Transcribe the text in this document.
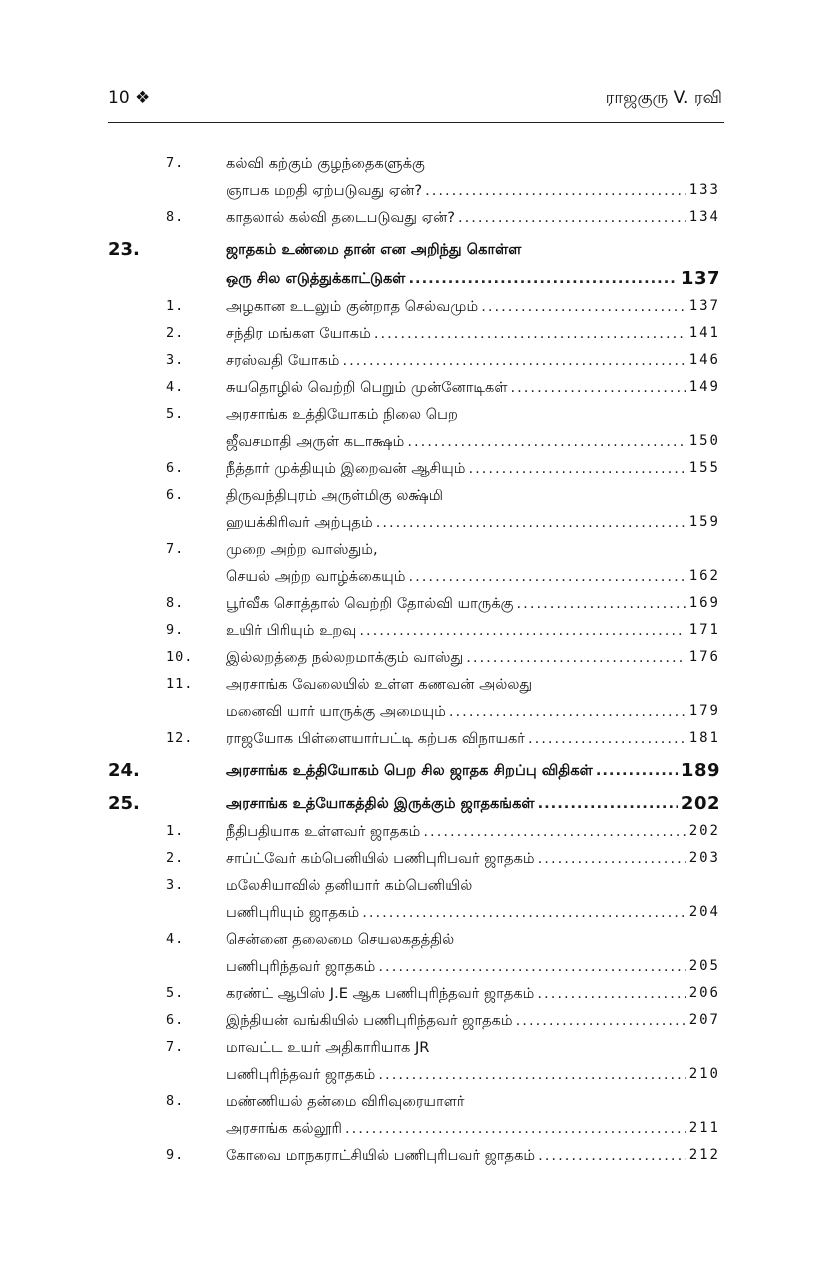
10 ❖	ராஜகுரு V. ரவி
7.	கல்வி கற்கும் குழந்தைகளுக்கு
ஞாபக மறதி ஏற்படுவது ஏன்? .....	133
8.	காதலால் கல்வி தடைபடுவது ஏன்? .....	134
23.	ஜாதகம் உண்மை தான் என அறிந்து கொள்ள
ஒரு சில எடுத்துக்காட்டுகள் .....	137
1.	அழகான உடலும் குன்றாத செல்வமும் .....	137
2.	சந்திர மங்கள யோகம் .....	141
3.	சரஸ்வதி யோகம் .....	146
4.	சுயதொழில் வெற்றி பெறும் முன்னோடிகள் .....	149
5.	அரசாங்க உத்தியோகம் நிலை பெற
ஜீவசமாதி அருள் கடாக்ஷம் .....	150
6.	நீத்தார் முக்தியும் இறைவன் ஆசியும் .....	155
6.	திருவந்திபுரம் அருள்மிகு லக்ஷ்மி
ஹயக்கிரிவர் அற்புதம் .....	159
7.	முறை அற்ற வாஸ்தும்,
செயல் அற்ற வாழ்க்கையும் .....	162
8.	பூர்வீக சொத்தால் வெற்றி தோல்வி யாருக்கு .....	169
9.	உயிர் பிரியும் உறவு .....	171
10. இல்லறத்தை நல்லறமாக்கும் வாஸ்து .....	176
11. அரசாங்க வேலையில் உள்ள கணவன் அல்லது
மனைவி யார் யாருக்கு அமையும் .....	179
12. ராஜயோக பிள்ளையார்பட்டி கற்பக விநாயகர் .....	181
24.	அரசாங்க உத்தியோகம் பெற சில ஜாதக சிறப்பு விதிகள் .....	189
25.	அரசாங்க உத்யோகத்தில் இருக்கும் ஜாதகங்கள் .....	202
1.	நீதிபதியாக உள்ளவர் ஜாதகம் .....	202
2.	சாப்ட்வேர் கம்பெனியில் பணிபுரிபவர் ஜாதகம் .....	203
3.	மலேசியாவில் தனியார் கம்பெனியில்
பணிபுரியும் ஜாதகம் .....	204
4.	சென்னை தலைமை செயலகதத்தில்
பணிபுரிந்தவர் ஜாதகம் .....	205
5.	கரண்ட் ஆபிஸ் J.E ஆக பணிபுரிந்தவர் ஜாதகம் .....	206
6.	இந்தியன் வங்கியில் பணிபுரிந்தவர் ஜாதகம் .....	207
7.	மாவட்ட உயர் அதிகாரியாக JR
பணிபுரிந்தவர் ஜாதகம் .....	210
8.	மண்ணியல் தன்மை விரிவுரையாளர்
அரசாங்க கல்லூரி .....	211
9.	கோவை மாநகராட்சியில் பணிபுரிபவர் ஜாதகம் .....	212
